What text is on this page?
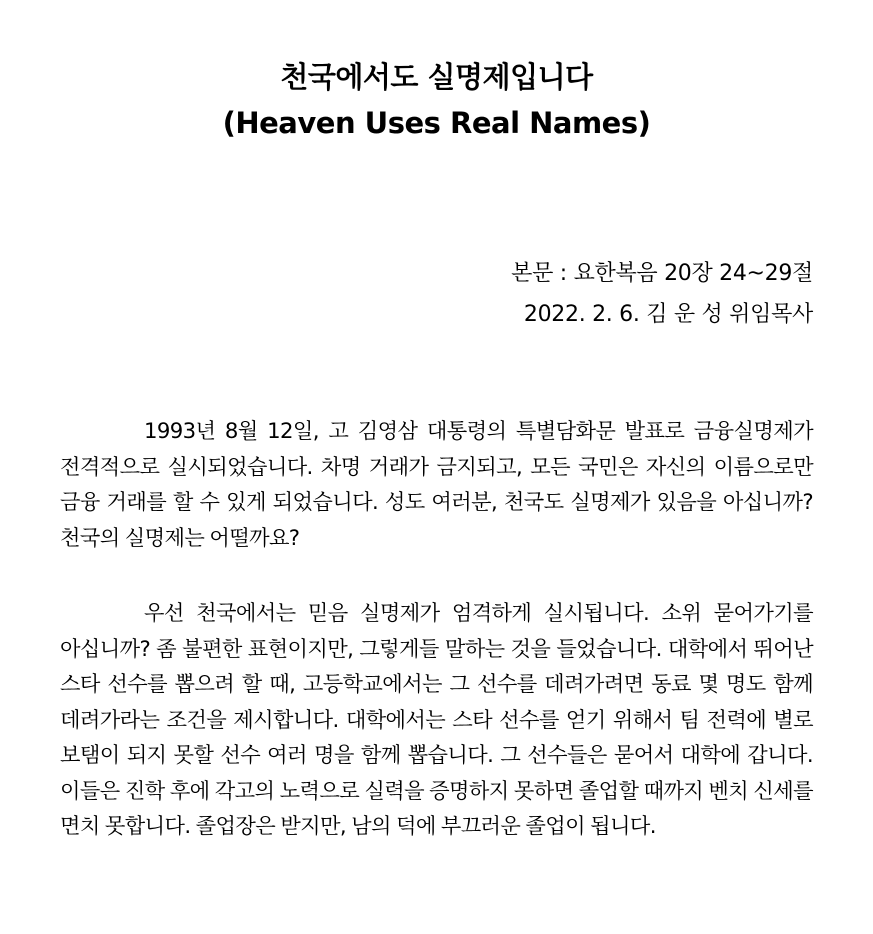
천국에서도 실명제입니다
(Heaven Uses Real Names)
본문 : 요한복음 20장 24~29절
2022. 2. 6. 김 운 성 위임목사

1993년 8월 12일, 고 김영삼 대통령의 특별담화문 발표로 금융실명제가 전격적으로 실시되었습니다. 차명 거래가 금지되고, 모든 국민은 자신의 이름으로만 금융 거래를 할 수 있게 되었습니다. 성도 여러분, 천국도 실명제가 있음을 아십니까? 천국의 실명제는 어떨까요?

우선 천국에서는 믿음 실명제가 엄격하게 실시됩니다. 소위 묻어가기를 아십니까? 좀 불편한 표현이지만, 그렇게들 말하는 것을 들었습니다. 대학에서 뛰어난 스타 선수를 뽑으려 할 때, 고등학교에서는 그 선수를 데려가려면 동료 몇 명도 함께 데려가라는 조건을 제시합니다. 대학에서는 스타 선수를 얻기 위해서 팀 전력에 별로 보탬이 되지 못할 선수 여러 명을 함께 뽑습니다. 그 선수들은 묻어서 대학에 갑니다. 이들은 진학 후에 각고의 노력으로 실력을 증명하지 못하면 졸업할 때까지 벤치 신세를 면치 못합니다. 졸업장은 받지만, 남의 덕에 부끄러운 졸업이 됩니다.
